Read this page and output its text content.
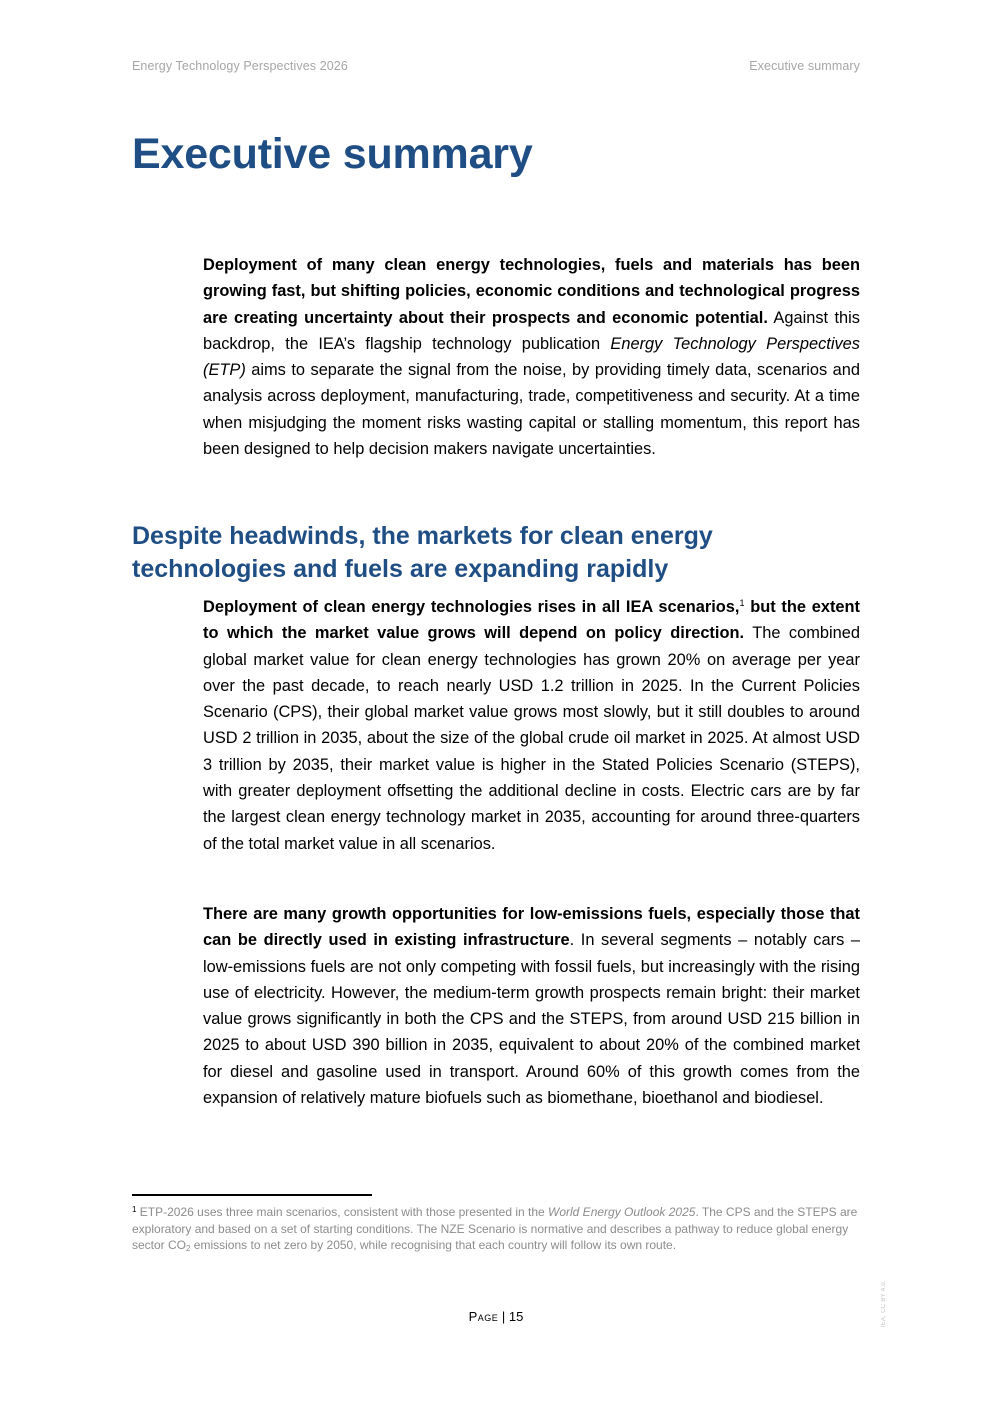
Energy Technology Perspectives 2026	Executive summary
Executive summary

Deployment of many clean energy technologies, fuels and materials has been growing fast, but shifting policies, economic conditions and technological progress are creating uncertainty about their prospects and economic potential. Against this backdrop, the IEA’s flagship technology publication Energy Technology Perspectives (ETP) aims to separate the signal from the noise, by providing timely data, scenarios and analysis across deployment, manufacturing, trade, competitiveness and security. At a time when misjudging the moment risks wasting capital or stalling momentum, this report has been designed to help decision makers navigate uncertainties.

Despite headwinds, the markets for clean energy technologies and fuels are expanding rapidly

Deployment of clean energy technologies rises in all IEA scenarios,$^1$ but the extent to which the market value grows will depend on policy direction. The combined global market value for clean energy technologies has grown 20% on average per year over the past decade, to reach nearly USD 1.2 trillion in 2025. In the Current Policies Scenario (CPS), their global market value grows most slowly, but it still doubles to around USD 2 trillion in 2035, about the size of the global crude oil market in 2025. At almost USD 3 trillion by 2035, their market value is higher in the Stated Policies Scenario (STEPS), with greater deployment offsetting the additional decline in costs. Electric cars are by far the largest clean energy technology market in 2035, accounting for around three-quarters of the total market value in all scenarios.

There are many growth opportunities for low-emissions fuels, especially those that can be directly used in existing infrastructure. In several segments – notably cars – low-emissions fuels are not only competing with fossil fuels, but increasingly with the rising use of electricity. However, the medium-term growth prospects remain bright: their market value grows significantly in both the CPS and the STEPS, from around USD 215 billion in 2025 to about USD 390 billion in 2035, equivalent to about 20% of the combined market for diesel and gasoline used in transport. Around 60% of this growth comes from the expansion of relatively mature biofuels such as biomethane, bioethanol and biodiesel.

$^1$ ETP-2026 uses three main scenarios, consistent with those presented in the World Energy Outlook 2025. The CPS and the STEPS are exploratory and based on a set of starting conditions. The NZE Scenario is normative and describes a pathway to reduce global energy sector $CO_2$ emissions to net zero by 2050, while recognising that each country will follow its own route.

Page | 15	IEA. CC BY 4.0.
